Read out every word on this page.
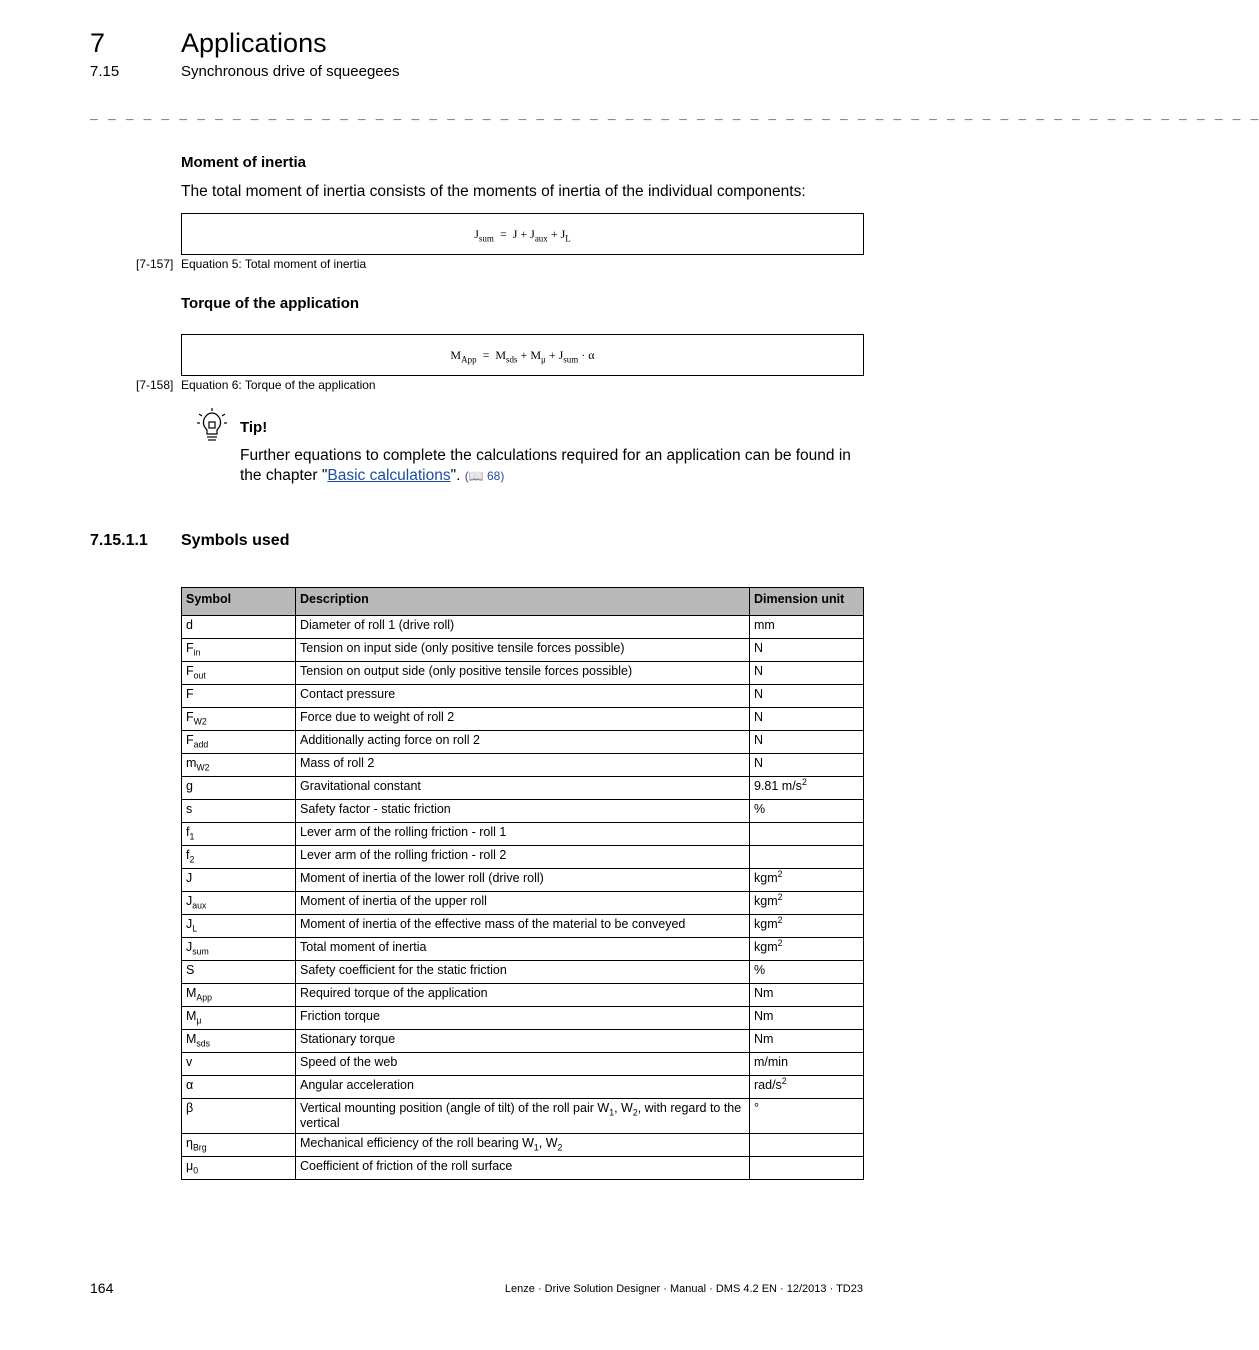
7	Applications
7.15	Synchronous drive of squeegees
_ _ _ _ _ _ _ _ _ _ _ _ _ _ _ _ _ _ _ _ _ _ _ _ _ _ _ _ _ _ _ _ _ _ _ _ _ _ _ _ _ _ _ _ _ _ _ _ _ _ _ _ _ _ _ _ _ _ _ _ _ _ _ _ _ _
Moment of inertia
The total moment of inertia consists of the moments of inertia of the individual components:
$J_{sum} = J + J_{aux} + J_L$
[7-157] Equation 5: Total moment of inertia
Torque of the application
$M_{App} = M_{sds} + M_\mu + J_{sum} \cdot \alpha$
[7-158] Equation 6: Torque of the application
Tip!
Further equations to complete the calculations required for an application can be found in the chapter "Basic calculations". (📖 68)
7.15.1.1 Symbols used
Symbol	Description	Dimension unit
d	Diameter of roll 1 (drive roll)	mm
$F_{in}$	Tension on input side (only positive tensile forces possible)	N
$F_{out}$	Tension on output side (only positive tensile forces possible)	N
F	Contact pressure	N
$F_{W2}$	Force due to weight of roll 2	N
$F_{add}$	Additionally acting force on roll 2	N
$m_{W2}$	Mass of roll 2	N
g	Gravitational constant	9.81 $m/s^2$
s	Safety factor - static friction	%
$f_1$	Lever arm of the rolling friction - roll 1	
$f_2$	Lever arm of the rolling friction - roll 2	
J	Moment of inertia of the lower roll (drive roll)	kgm$^2$
$J_{aux}$	Moment of inertia of the upper roll	kgm$^2$
$J_L$	Moment of inertia of the effective mass of the material to be conveyed	kgm$^2$
$J_{sum}$	Total moment of inertia	kgm$^2$
S	Safety coefficient for the static friction	%
$M_{App}$	Required torque of the application	Nm
$M_\mu$	Friction torque	Nm
$M_{sds}$	Stationary torque	Nm
v	Speed of the web	m/min
α	Angular acceleration	rad/$s^2$
β	Vertical mounting position (angle of tilt) of the roll pair $W_1$, $W_2$, with regard to the vertical	°
$\eta_{Brg}$	Mechanical efficiency of the roll bearing $W_1$, $W_2$	
$\mu_0$	Coefficient of friction of the roll surface	
164	Lenze · Drive Solution Designer · Manual · DMS 4.2 EN · 12/2013 · TD23
